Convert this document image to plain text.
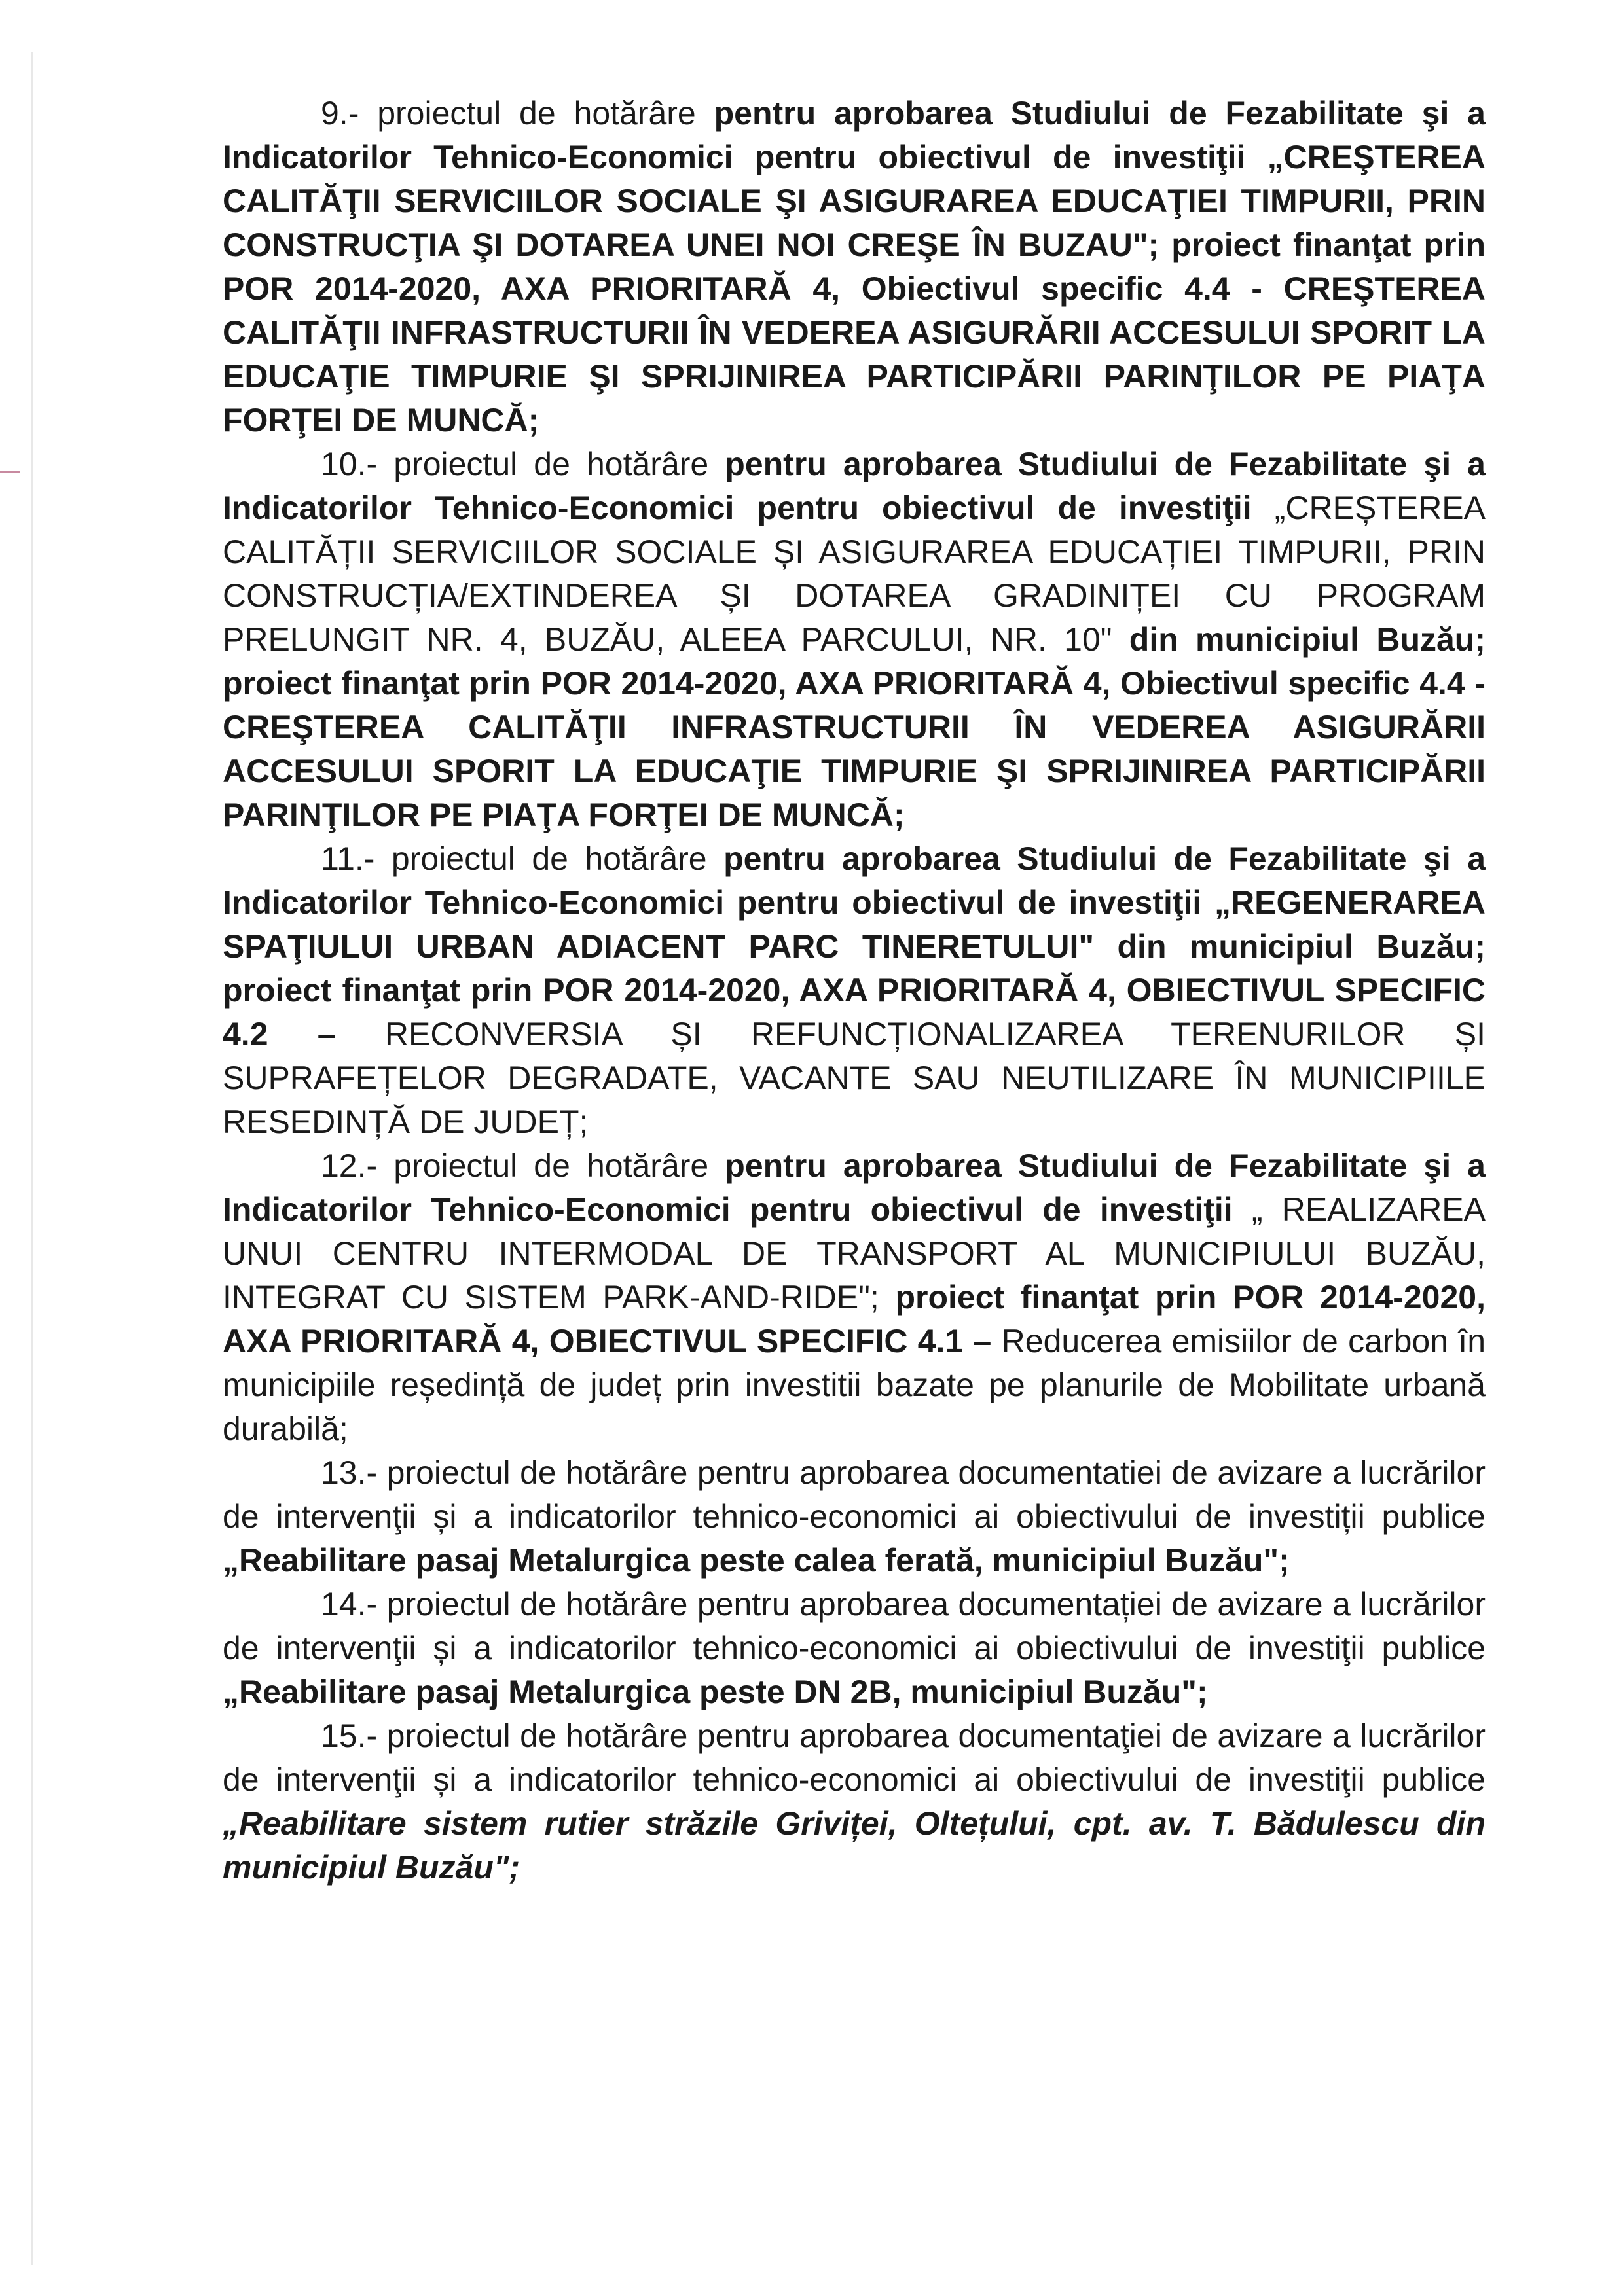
9.- proiectul de hotărâre pentru aprobarea Studiului de Fezabilitate şi a Indicatorilor Tehnico-Economici pentru obiectivul de investiţii „CREŞTEREA CALITĂŢII SERVICIILOR SOCIALE ŞI ASIGURAREA EDUCAŢIEI TIMPURII, PRIN CONSTRUCŢIA ŞI DOTAREA UNEI NOI CREŞE ÎN BUZAU"; proiect finanţat prin POR 2014-2020, AXA PRIORITARĂ 4, Obiectivul specific 4.4 - CREŞTEREA CALITĂŢII INFRASTRUCTURII ÎN VEDEREA ASIGURĂRII ACCESULUI SPORIT LA EDUCAŢIE TIMPURIE ŞI SPRIJINIREA PARTICIPĂRII PARINŢILOR PE PIAŢA FORŢEI DE MUNCĂ;

10.- proiectul de hotărâre pentru aprobarea Studiului de Fezabilitate şi a Indicatorilor Tehnico-Economici pentru obiectivul de investiţii „CREȘTEREA CALITĂȚII SERVICIILOR SOCIALE ȘI ASIGURAREA EDUCAȚIEI TIMPURII, PRIN CONSTRUCȚIA/EXTINDEREA ȘI DOTAREA GRADINIȚEI CU PROGRAM PRELUNGIT NR. 4, BUZĂU, ALEEA PARCULUI, NR. 10" din municipiul Buzău; proiect finanţat prin POR 2014-2020, AXA PRIORITARĂ 4, Obiectivul specific 4.4 - CREŞTEREA CALITĂŢII INFRASTRUCTURII ÎN VEDEREA ASIGURĂRII ACCESULUI SPORIT LA EDUCAŢIE TIMPURIE ŞI SPRIJINIREA PARTICIPĂRII PARINŢILOR PE PIAŢA FORŢEI DE MUNCĂ;

11.- proiectul de hotărâre pentru aprobarea Studiului de Fezabilitate şi a Indicatorilor Tehnico-Economici pentru obiectivul de investiţii „REGENERAREA SPAŢIULUI URBAN ADIACENT PARC TINERETULUI" din municipiul Buzău; proiect finanţat prin POR 2014-2020, AXA PRIORITARĂ 4, OBIECTIVUL SPECIFIC 4.2 – RECONVERSIA ȘI REFUNCȚIONALIZAREA TERENURILOR ȘI SUPRAFEȚELOR DEGRADATE, VACANTE SAU NEUTILIZARE ÎN MUNICIPIILE RESEDINȚĂ DE JUDEȚ;

12.- proiectul de hotărâre pentru aprobarea Studiului de Fezabilitate şi a Indicatorilor Tehnico-Economici pentru obiectivul de investiţii „ REALIZAREA UNUI CENTRU INTERMODAL DE TRANSPORT AL MUNICIPIULUI BUZĂU, INTEGRAT CU SISTEM PARK-AND-RIDE"; proiect finanţat prin POR 2014-2020, AXA PRIORITARĂ 4, OBIECTIVUL SPECIFIC 4.1 – Reducerea emisiilor de carbon în municipiile reședință de județ prin investitii bazate pe planurile de Mobilitate urbană durabilă;

13.- proiectul de hotărâre pentru aprobarea documentatiei de avizare a lucrărilor de intervenţii și a indicatorilor tehnico-economici ai obiectivului de investiții publice „Reabilitare pasaj Metalurgica peste calea ferată, municipiul Buzău";

14.- proiectul de hotărâre pentru aprobarea documentației de avizare a lucrărilor de intervenţii și a indicatorilor tehnico-economici ai obiectivului de investiţii publice „Reabilitare pasaj Metalurgica peste DN 2B, municipiul Buzău";

15.- proiectul de hotărâre pentru aprobarea documentaţiei de avizare a lucrărilor de intervenţii și a indicatorilor tehnico-economici ai obiectivului de investiţii publice „Reabilitare sistem rutier străzile Griviței, Oltețului, cpt. av. T. Bădulescu din municipiul Buzău";
